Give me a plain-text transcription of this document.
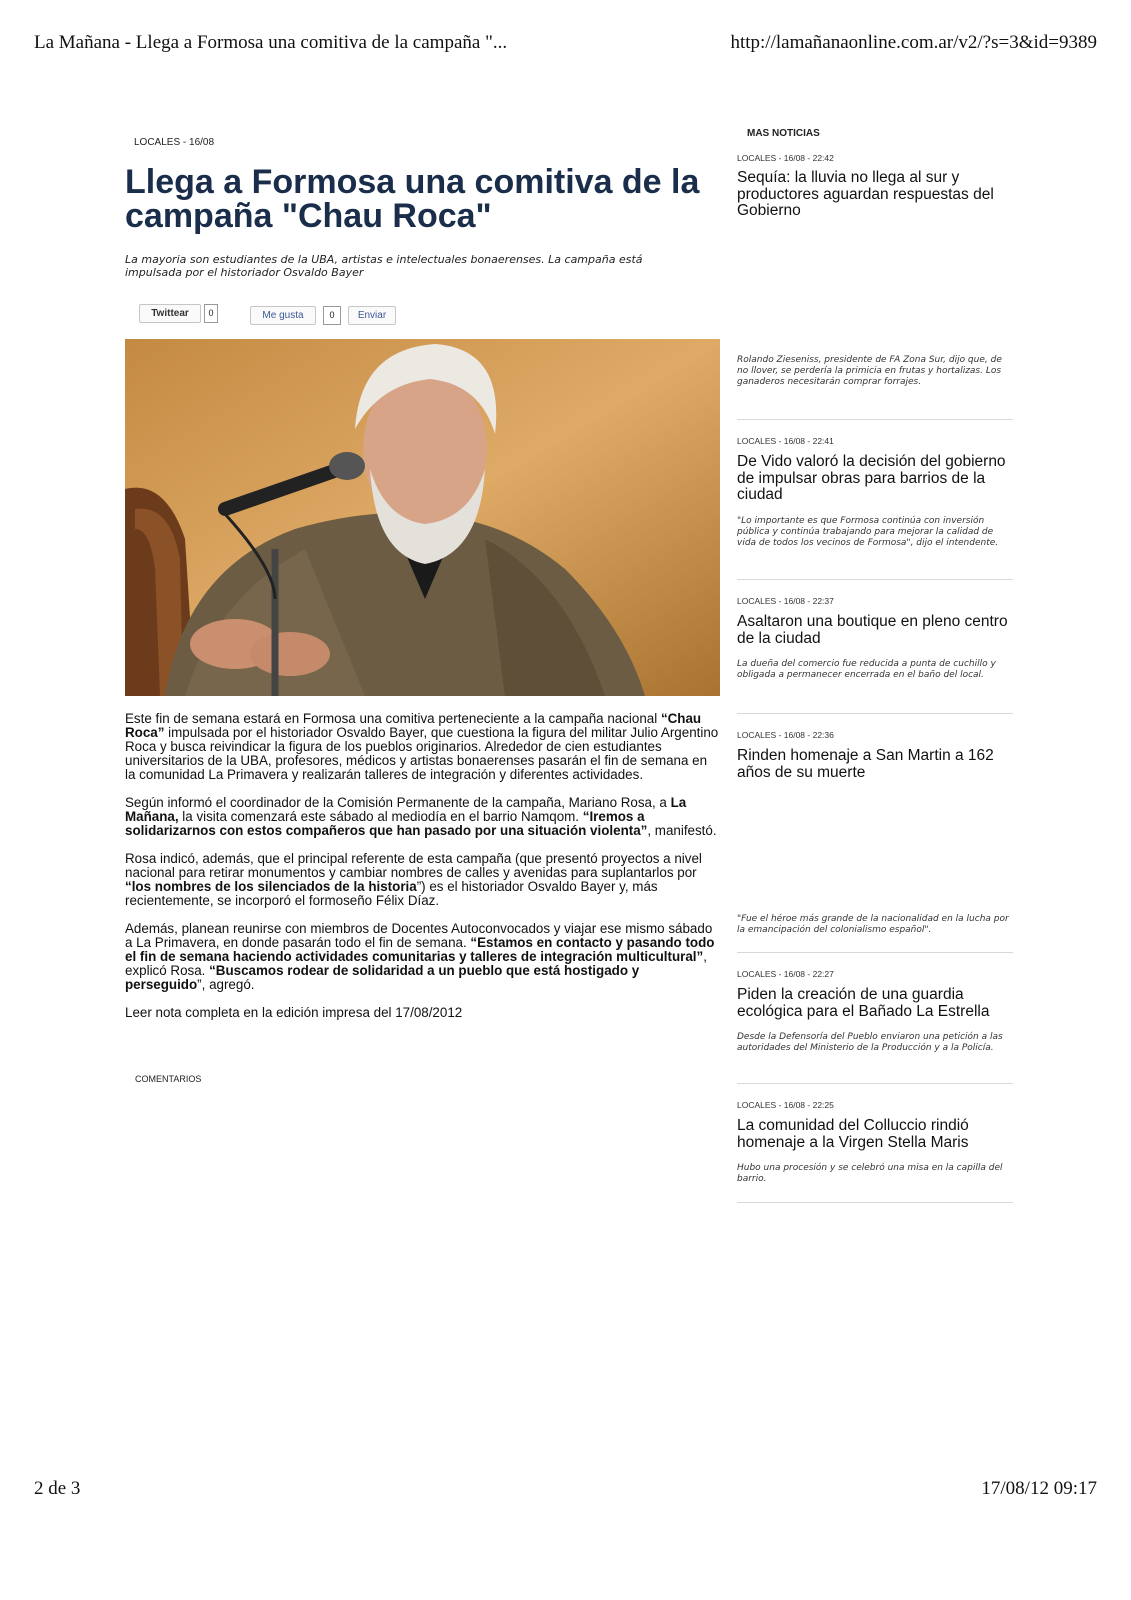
La Mañana - Llega a Formosa una comitiva de la campaña "...	http://lamañanaonline.com.ar/v2/?s=3&id=9389
LOCALES - 16/08
Llega a Formosa una comitiva de la campaña "Chau Roca"
La mayoria son estudiantes de la UBA, artistas e intelectuales bonaerenses. La campaña está impulsada por el historiador Osvaldo Bayer
Twittear	0	Me gusta	0	Enviar

Este fin de semana estará en Formosa una comitiva perteneciente a la campaña nacional “Chau Roca” impulsada por el historiador Osvaldo Bayer, que cuestiona la figura del militar Julio Argentino Roca y busca reivindicar la figura de los pueblos originarios. Alrededor de cien estudiantes universitarios de la UBA, profesores, médicos y artistas bonaerenses pasarán el fin de semana en la comunidad La Primavera y realizarán talleres de integración y diferentes actividades.

Según informó el coordinador de la Comisión Permanente de la campaña, Mariano Rosa, a La Mañana, la visita comenzará este sábado al mediodía en el barrio Namqom. “Iremos a solidarizarnos con estos compañeros que han pasado por una situación violenta”, manifestó.

Rosa indicó, además, que el principal referente de esta campaña (que presentó proyectos a nivel nacional para retirar monumentos y cambiar nombres de calles y avenidas para suplantarlos por “los nombres de los silenciados de la historia”) es el historiador Osvaldo Bayer y, más recientemente, se incorporó el formoseño Félix Díaz.

Además, planean reunirse con miembros de Docentes Autoconvocados y viajar ese mismo sábado a La Primavera, en donde pasarán todo el fin de semana. “Estamos en contacto y pasando todo el fin de semana haciendo actividades comunitarias y talleres de integración multicultural”, explicó Rosa. “Buscamos rodear de solidaridad a un pueblo que está hostigado y perseguido”, agregó.

Leer nota completa en la edición impresa del 17/08/2012

COMENTARIOS
MAS NOTICIAS
LOCALES - 16/08 - 22:42
Sequía: la lluvia no llega al sur y productores aguardan respuestas del Gobierno
Rolando Zieseniss, presidente de FA Zona Sur, dijo que, de no llover, se perdería la primicia en frutas y hortalizas. Los ganaderos necesitarán comprar forrajes.
LOCALES - 16/08 - 22:41
De Vido valoró la decisión del gobierno de impulsar obras para barrios de la ciudad
"Lo importante es que Formosa continúa con inversión pública y continúa trabajando para mejorar la calidad de vida de todos los vecinos de Formosa", dijo el intendente.
LOCALES - 16/08 - 22:37
Asaltaron una boutique en pleno centro de la ciudad
La dueña del comercio fue reducida a punta de cuchillo y obligada a permanecer encerrada en el baño del local.
LOCALES - 16/08 - 22:36
Rinden homenaje a San Martin a 162 años de su muerte
"Fue el héroe más grande de la nacionalidad en la lucha por la emancipación del colonialismo español".
LOCALES - 16/08 - 22:27
Piden la creación de una guardia ecológica para el Bañado La Estrella
Desde la Defensoría del Pueblo enviaron una petición a las autoridades del Ministerio de la Producción y a la Policía.
LOCALES - 16/08 - 22:25
La comunidad del Colluccio rindió homenaje a la Virgen Stella Maris
Hubo una procesión y se celebró una misa en la capilla del barrio.
2 de 3	17/08/12 09:17
